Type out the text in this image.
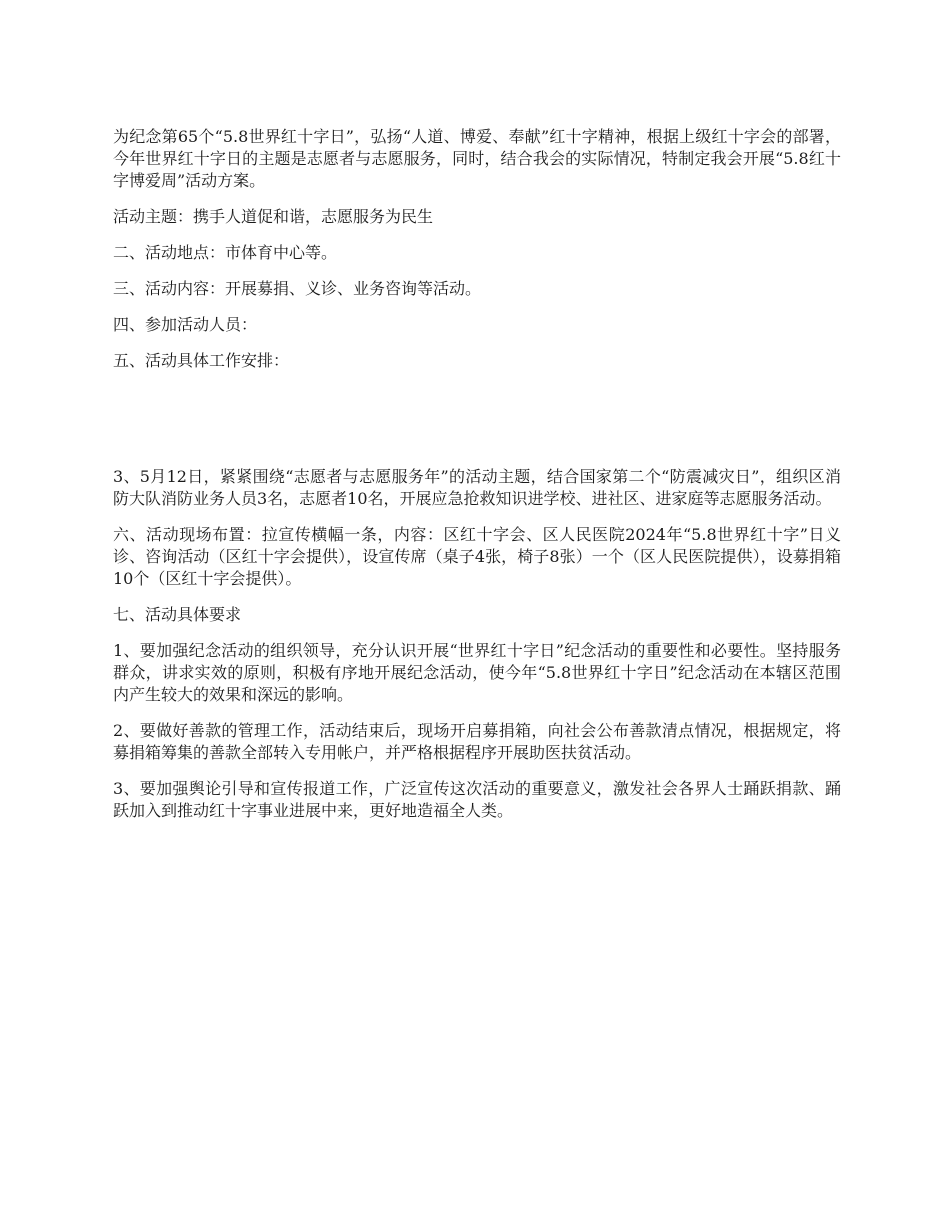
为纪念第65个“5.8世界红十字日”，弘扬“人道、博爱、奉献”红十字精神，根据上级红十字会的部署，今年世界红十字日的主题是志愿者与志愿服务，同时，结合我会的实际情况，特制定我会开展“5.8红十字博爱周”活动方案。

活动主题：携手人道促和谐，志愿服务为民生

二、活动地点：市体育中心等。

三、活动内容：开展募捐、义诊、业务咨询等活动。

四、参加活动人员：

五、活动具体工作安排：

3、5月12日，紧紧围绕“志愿者与志愿服务年”的活动主题，结合国家第二个“防震减灾日”，组织区消防大队消防业务人员3名，志愿者10名，开展应急抢救知识进学校、进社区、进家庭等志愿服务活动。

六、活动现场布置：拉宣传横幅一条，内容：区红十字会、区人民医院2024年“5.8世界红十字”日义诊、咨询活动（区红十字会提供），设宣传席（桌子4张，椅子8张）一个（区人民医院提供），设募捐箱10个（区红十字会提供）。

七、活动具体要求

1、要加强纪念活动的组织领导，充分认识开展“世界红十字日”纪念活动的重要性和必要性。坚持服务群众，讲求实效的原则，积极有序地开展纪念活动，使今年“5.8世界红十字日”纪念活动在本辖区范围内产生较大的效果和深远的影响。

2、要做好善款的管理工作，活动结束后，现场开启募捐箱，向社会公布善款清点情况，根据规定，将募捐箱筹集的善款全部转入专用帐户，并严格根据程序开展助医扶贫活动。

3、要加强舆论引导和宣传报道工作，广泛宣传这次活动的重要意义，激发社会各界人士踊跃捐款、踊跃加入到推动红十字事业进展中来，更好地造福全人类。
